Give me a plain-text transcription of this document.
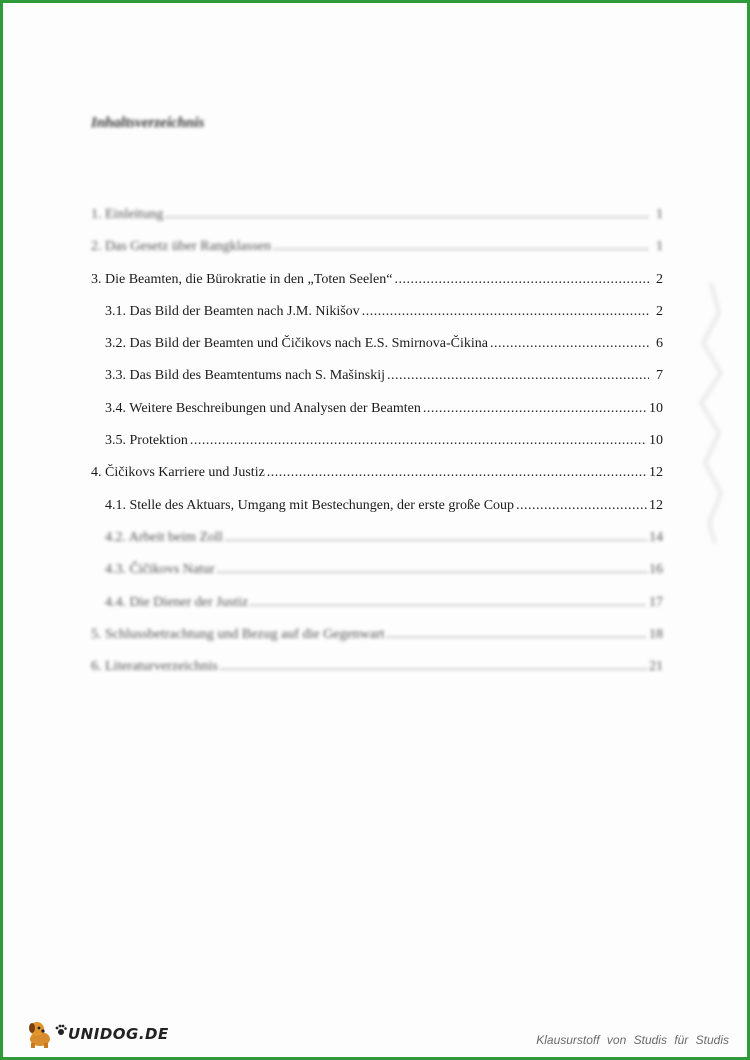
Inhaltsverzeichnis
1. Einleitung .....	1
2. Das Gesetz über Rangklassen .....	1
3. Die Beamten, die Bürokratie in den „Toten Seelen“ .....	2
3.1. Das Bild der Beamten nach J.M. Nikišov .....	2
3.2. Das Bild der Beamten und Čičikovs nach E.S. Smirnova-Čikina .....	6
3.3. Das Bild des Beamtentums nach S. Mašinskij .....	7
3.4. Weitere Beschreibungen und Analysen der Beamten .....	10
3.5. Protektion .....	10
4. Čičikovs Karriere und Justiz .....	12
4.1. Stelle des Aktuars, Umgang mit Bestechungen, der erste große Coup .....	12
4.2. Arbeit beim Zoll .....	14
4.3. Čičikovs Natur .....	16
4.4. Die Diener der Justiz .....	17
5. Schlussbetrachtung und Bezug auf die Gegenwart .....	18
6. Literaturverzeichnis .....	21
UNIDOG.DE	Klausurstoff von Studis für Studis
